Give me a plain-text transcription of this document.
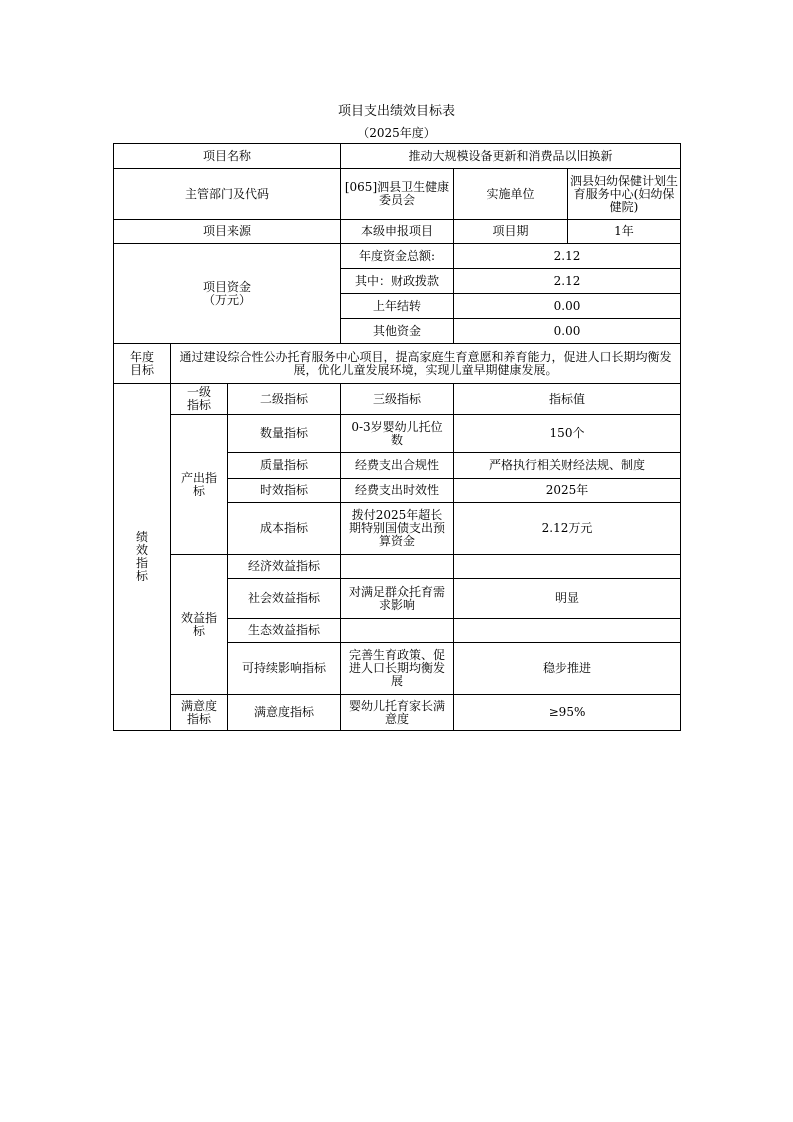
项目支出绩效目标表
（2025年度）
项目名称			推动大规模设备更新和消费品以旧换新		
主管部门及代码			[065]泗县卫生健康委员会	实施单位	泗县妇幼保健计划生育服务中心(妇幼保健院)
项目来源			本级申报项目	项目期	1年
项目资金
（万元）			年度资金总额:	2.12	
			其中：财政拨款	2.12	
			上年结转	0.00	
			其他资金	0.00	
年度目标	通过建设综合性公办托育服务中心项目，提高家庭生育意愿和养育能力，促进人口长期均衡发展，优化儿童发展环境，实现儿童早期健康发展。				
绩效指标	一级指标	二级指标	三级指标	指标值	
	产出指标	数量指标	0-3岁婴幼儿托位数	150个	
		质量指标	经费支出合规性	严格执行相关财经法规、制度	
		时效指标	经费支出时效性	2025年	
		成本指标	拨付2025年超长期特别国债支出预算资金	2.12万元	
	效益指标	经济效益指标			
		社会效益指标	对满足群众托育需求影响	明显	
		生态效益指标			
		可持续影响指标	完善生育政策、促进人口长期均衡发展	稳步推进	
	满意度指标	满意度指标	婴幼儿托育家长满意度	≥95%	
